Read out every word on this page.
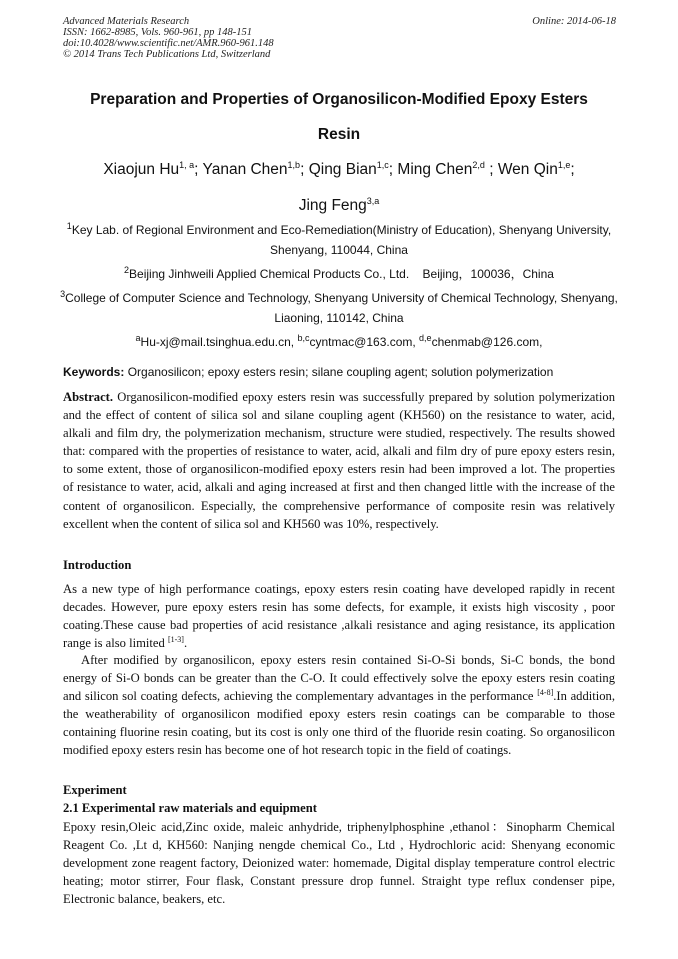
Advanced Materials Research
ISSN: 1662-8985, Vols. 960-961, pp 148-151
doi:10.4028/www.scientific.net/AMR.960-961.148
© 2014 Trans Tech Publications Ltd, Switzerland
Online: 2014-06-18
Preparation and Properties of Organosilicon-Modified Epoxy Esters
Resin
Xiaojun Hu$^{1, a}$; Yanan Chen$^{1,b}$; Qing Bian$^{1,c}$; Ming Chen$^{2,d}$ ; Wen Qin$^{1,e}$;
Jing Feng$^{3,a}$
$^1$Key Lab. of Regional Environment and Eco-Remediation(Ministry of Education), Shenyang University, Shenyang, 110044, China
$^2$Beijing Jinhweili Applied Chemical Products Co., Ltd.    Beijing，100036，China
$^3$College of Computer Science and Technology, Shenyang University of Chemical Technology, Shenyang, Liaoning, 110142, China
$^a$Hu-xj@mail.tsinghua.edu.cn, $^{b,c}$cyntmac@163.com, $^{d,e}$chenmab@126.com,
Keywords: Organosilicon; epoxy esters resin; silane coupling agent; solution polymerization
Abstract. Organosilicon-modified epoxy esters resin was successfully prepared by solution polymerization and the effect of content of silica sol and silane coupling agent (KH560) on the resistance to water, acid, alkali and film dry, the polymerization mechanism, structure were studied, respectively. The results showed that: compared with the properties of resistance to water, acid, alkali and film dry of pure epoxy esters resin, to some extent, those of organosilicon-modified epoxy esters resin had been improved a lot. The properties of resistance to water, acid, alkali and aging increased at first and then changed little with the increase of the content of organosilicon. Especially, the comprehensive performance of composite resin was relatively excellent when the content of silica sol and KH560 was 10%, respectively.
Introduction
As a new type of high performance coatings, epoxy esters resin coating have developed rapidly in recent decades. However, pure epoxy esters resin has some defects, for example, it exists high viscosity , poor coating.These cause bad properties of acid resistance ,alkali resistance and aging resistance, its application range is also limited [1-3].
After modified by organosilicon, epoxy esters resin contained Si-O-Si bonds, Si-C bonds, the bond energy of Si-O bonds can be greater than the C-O. It could effectively solve the epoxy esters resin coating and silicon sol coating defects, achieving the complementary advantages in the performance [4-8].In addition, the weatherability of organosilicon modified epoxy esters resin coatings can be comparable to those containing fluorine resin coating, but its cost is only one third of the fluoride resin coating. So organosilicon modified epoxy esters resin has become one of hot research topic in the field of coatings.
Experiment
2.1 Experimental raw materials and equipment
Epoxy resin,Oleic acid,Zinc oxide, maleic anhydride, triphenylphosphine ,ethanol：Sinopharm Chemical Reagent Co. ,Lt d, KH560: Nanjing nengde chemical Co., Ltd , Hydrochloric acid: Shenyang economic development zone reagent factory, Deionized water: homemade, Digital display temperature control electric heating; motor stirrer, Four flask, Constant pressure drop funnel. Straight type reflux condenser pipe, Electronic balance, beakers, etc.
